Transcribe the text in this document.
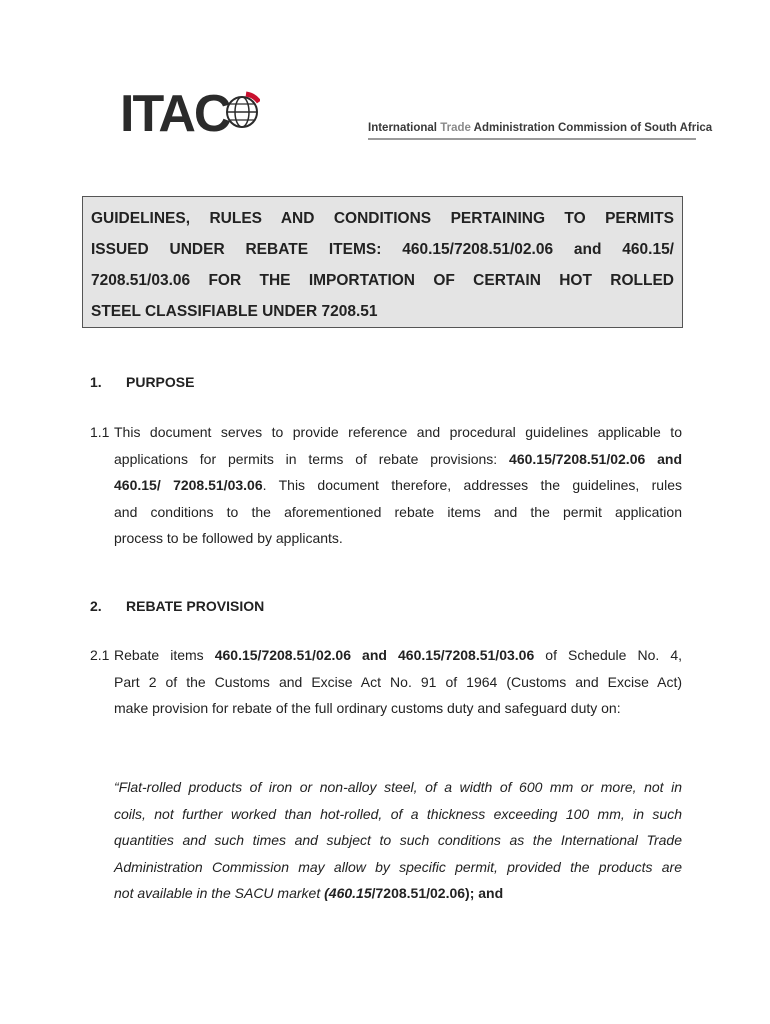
ITAC	International Trade Administration Commission of South Africa

GUIDELINES, RULES AND CONDITIONS PERTAINING TO PERMITS

ISSUED UNDER REBATE ITEMS: 460.15/7208.51/02.06 and 460.15/

7208.51/03.06 FOR THE IMPORTATION OF CERTAIN HOT ROLLED

STEEL CLASSIFIABLE UNDER 7208.51

1. PURPOSE
1.1 This document serves to provide reference and procedural guidelines applicable to
applications for permits in terms of rebate provisions: 460.15/7208.51/02.06 and
460.15/ 7208.51/03.06. This document therefore, addresses the guidelines, rules
and conditions to the aforementioned rebate items and the permit application
process to be followed by applicants.
2. REBATE PROVISION
2.1 Rebate items 460.15/7208.51/02.06 and 460.15/7208.51/03.06 of Schedule No. 4,
Part 2 of the Customs and Excise Act No. 91 of 1964 (Customs and Excise Act)
make provision for rebate of the full ordinary customs duty and safeguard duty on:
“Flat-rolled products of iron or non-alloy steel, of a width of 600 mm or more, not in
coils, not further worked than hot-rolled, of a thickness exceeding 100 mm, in such
quantities and such times and subject to such conditions as the International Trade
Administration Commission may allow by specific permit, provided the products are
not available in the SACU market (460.15/7208.51/02.06); and
